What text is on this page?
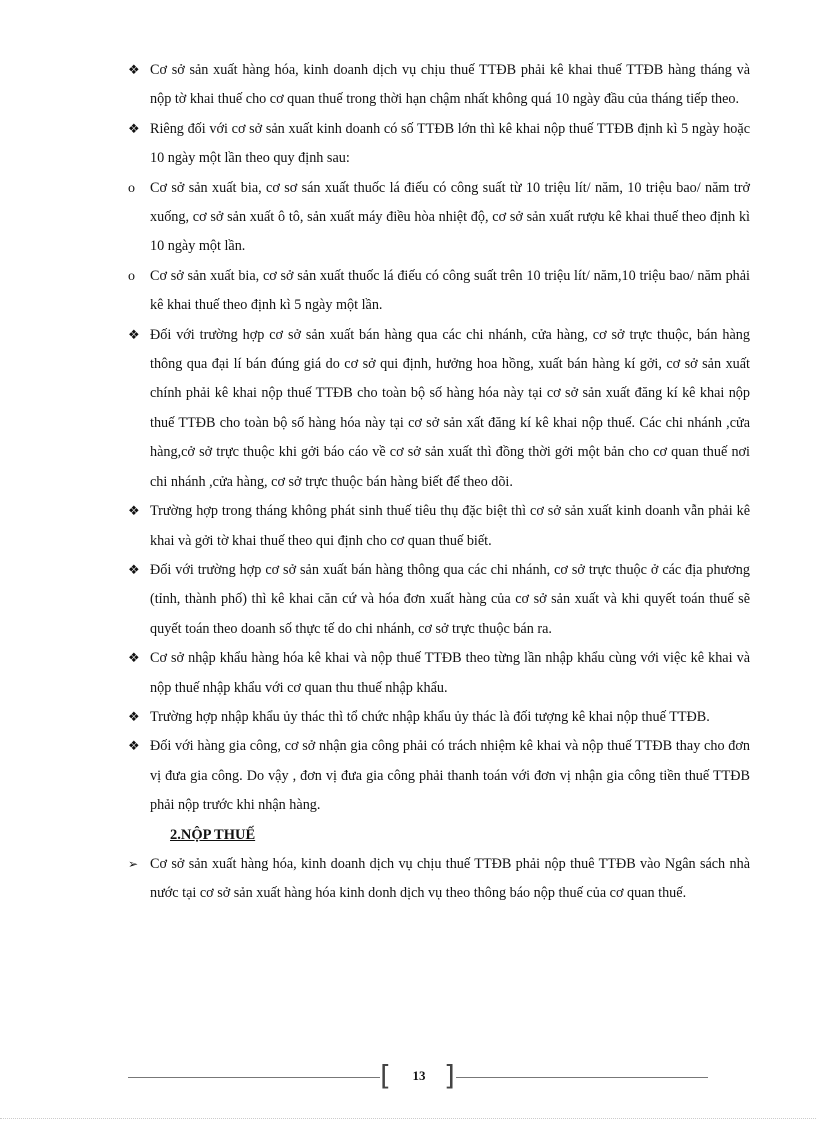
❖ Cơ sở sản xuất hàng hóa, kinh doanh dịch vụ chịu thuế TTĐB phải kê khai thuế TTĐB hàng tháng và nộp tờ khai thuế cho cơ quan thuế trong thời hạn chậm nhất không quá 10 ngày đầu của tháng tiếp theo.

❖ Riêng đối với cơ sở sản xuất kinh doanh có số TTĐB lớn thì kê khai nộp thuế TTĐB định kì 5 ngày hoặc 10 ngày một lần theo quy định sau:

o	Cơ sở sản xuất bia, cơ sơ sán xuất thuốc lá điếu có công suất từ 10 triệu lít/ năm, 10 triệu bao/ năm trở xuống, cơ sở sản xuất ô tô, sản xuất máy điều hòa nhiệt độ, cơ sở sản xuất rượu kê khai thuế theo định kì 10 ngày một lần.

o	Cơ sở sản xuất bia, cơ sở sản xuất thuốc lá điếu có công suất trên 10 triệu lít/ năm,10 triệu bao/ năm phải kê khai thuế theo định kì 5 ngày một lần.

❖ Đối với trường hợp cơ sở sản xuất bán hàng qua các chi nhánh, cửa hàng, cơ sở trực thuộc, bán hàng thông qua đại lí bán đúng giá do cơ sở qui định, hưởng hoa hồng, xuất bán hàng kí gởi, cơ sở sản xuất chính phải kê khai nộp thuế TTĐB cho toàn bộ số hàng hóa này tại cơ sở sản xuất đăng kí kê khai nộp thuế TTĐB cho toàn bộ số hàng hóa này tại cơ sở sản xất đăng kí kê khai nộp thuế. Các chi nhánh ,cửa hàng,cở sở trực thuộc khi gởi báo cáo về cơ sở sản xuất thì đồng thời gởi một bản cho cơ quan thuế nơi chi nhánh ,cửa hàng, cơ sở trực thuộc bán hàng biết để theo dõi.

❖ Trường hợp trong tháng không phát sinh thuế tiêu thụ đặc biệt thì cơ sở sản xuất kinh doanh vẫn phải kê khai và gởi tờ khai thuế theo qui định cho cơ quan thuế biết.

❖ Đối với trường hợp cơ sở sản xuất bán hàng thông qua các chi nhánh, cơ sở trực thuộc ở các địa phương (tỉnh, thành phố) thì kê khai căn cứ và hóa đơn xuất hàng của cơ sở sản xuất và khi quyết toán thuế sẽ quyết toán theo doanh số thực tế do chi nhánh, cơ sở trực thuộc bán ra.

❖ Cơ sở nhập khẩu hàng hóa kê khai và nộp thuế TTĐB theo từng lần nhập khẩu cùng với việc kê khai và nộp thuế nhập khẩu với cơ quan thu thuế nhập khẩu.

❖ Trường hợp nhập khẩu ủy thác thì tổ chức nhập khẩu ủy thác là đối tượng kê khai nộp thuế TTĐB.

❖ Đối với hàng gia công, cơ sở nhận gia công phải có trách nhiệm kê khai và nộp thuế TTĐB thay cho đơn vị đưa gia công. Do vậy , đơn vị đưa gia công phải thanh toán với đơn vị nhận gia công tiền thuế TTĐB phải nộp trước khi nhận hàng.

2.NỘP THUẾ

➢ Cơ sở sản xuất hàng hóa, kinh doanh dịch vụ chịu thuế TTĐB phải nộp thuê TTĐB vào Ngân sách nhà nước tại cơ sở sản xuất hàng hóa kinh donh dịch vụ theo thông báo nộp thuế của cơ quan thuế.

[	13 ]
